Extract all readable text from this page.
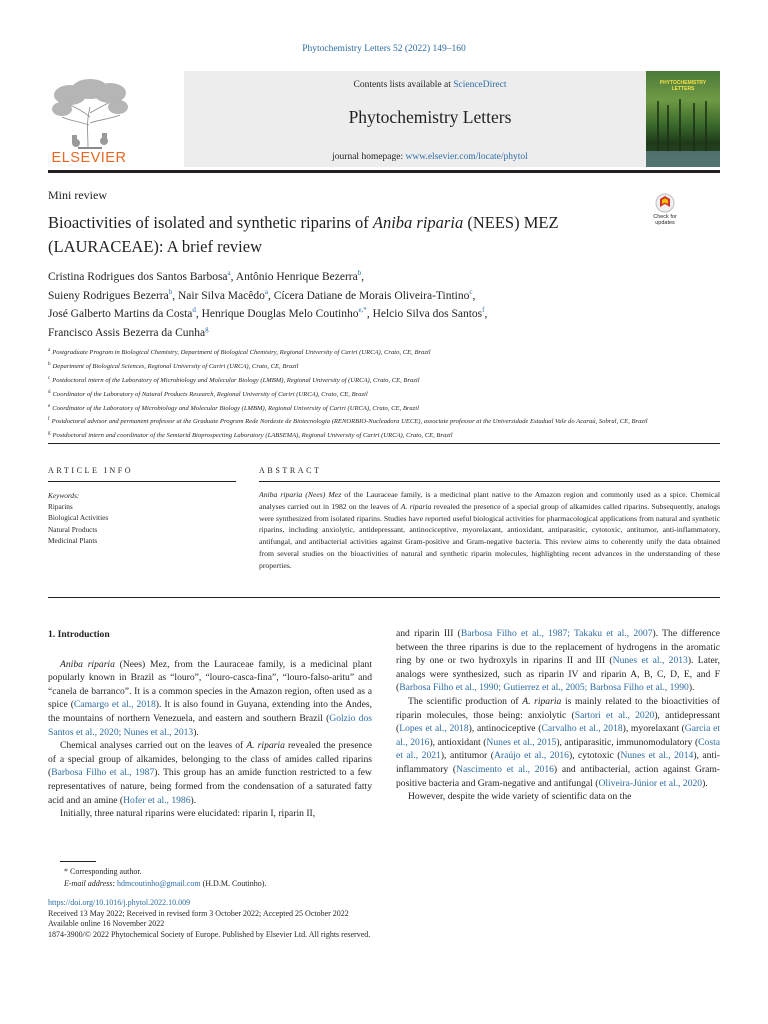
Phytochemistry Letters 52 (2022) 149–160
ELSEVIER
Contents lists available at ScienceDirect
Phytochemistry Letters
journal homepage: www.elsevier.com/locate/phytol
PHYTOCHEMISTRY LETTERS
Mini review
Check for updates
Bioactivities of isolated and synthetic riparins of Aniba riparia (NEES) MEZ (LAURACEAE): A brief review
Cristina Rodrigues dos Santos Barbosa$^a$, Antônio Henrique Bezerra$^b$,
Suieny Rodrigues Bezerra$^b$, Nair Silva Macêdo$^a$, Cícera Datiane de Morais Oliveira-Tintino$^c$,
José Galberto Martins da Costa$^d$, Henrique Douglas Melo Coutinho$^{e,*}$, Helcio Silva dos Santos$^f$,
Francisco Assis Bezerra da Cunha$^g$
$^a$ Postgraduate Program in Biological Chemistry, Department of Biological Chemistry, Regional University of Cariri (URCA), Crato, CE, Brazil
$^b$ Department of Biological Sciences, Regional University of Cariri (URCA), Crato, CE, Brazil
$^c$ Postdoctoral intern of the Laboratory of Microbiology and Molecular Biology (LMBM), Regional University of (URCA), Crato, CE, Brazil
$^d$ Coordinator of the Laboratory of Natural Products Research, Regional University of Cariri (URCA), Crato, CE, Brazil
$^e$ Coordinator of the Laboratory of Microbiology and Molecular Biology (LMBM), Regional University of Cariri (URCA), Crato, CE, Brazil
$^f$ Postdoctoral advisor and permanent professor at the Graduate Program Rede Nordeste de Biotecnologia (RENORBIO-Nucleadora UECE), associate professor at the Universidade Estadual Vale do Acaraú, Sobral, CE, Brazil
$^g$ Postdoctoral intern and coordinator of the Semiarid Bioprospecting Laboratory (LABSEMA), Regional University of Cariri (URCA), Crato, CE, Brazil
ARTICLE INFO	ABSTRACT
Keywords:
Riparins
Biological Activities
Natural Products
Medicinal Plants
Aniba riparia (Nees) Mez of the Lauraceae family, is a medicinal plant native to the Amazon region and commonly used as a spice. Chemical analyses carried out in 1982 on the leaves of A. riparia revealed the presence of a special group of alkamides called riparins. Subsequently, analogs were synthesized from isolated riparins. Studies have reported useful biological activities for pharmacological applications from natural and synthetic riparins, including anxiolytic, antidepressant, antinociceptive, myorelaxant, antioxidant, antiparasitic, cytotoxic, antitumor, anti-inflammatory, antifungal, and antibacterial activities against Gram-positive and Gram-negative bacteria. This review aims to coherently unify the data obtained from several studies on the bioactivities of natural and synthetic riparin molecules, highlighting recent advances in the understanding of these properties.
1. Introduction

Aniba riparia (Nees) Mez, from the Lauraceae family, is a medicinal plant popularly known in Brazil as “louro”, “louro-casca-fina”, “louro-falso-aritu” and “canela de barranco”. It is a common species in the Amazon region, often used as a spice (Camargo et al., 2018). It is also found in Guyana, extending into the Andes, the mountains of northern Venezuela, and eastern and southern Brazil (Golzio dos Santos et al., 2020; Nunes et al., 2013).

Chemical analyses carried out on the leaves of A. riparia revealed the presence of a special group of alkamides, belonging to the class of amides called riparins (Barbosa Filho et al., 1987). This group has an amide function restricted to a few representatives of nature, being formed from the condensation of a saturated fatty acid and an amine (Hofer et al., 1986).

Initially, three natural riparins were elucidated: riparin I, riparin II,

and riparin III (Barbosa Filho et al., 1987; Takaku et al., 2007). The difference between the three riparins is due to the replacement of hydrogens in the aromatic ring by one or two hydroxyls in riparins II and III (Nunes et al., 2013). Later, analogs were synthesized, such as riparin IV and riparin A, B, C, D, E, and F (Barbosa Filho et al., 1990; Gutierrez et al., 2005; Barbosa Filho et al., 1990).

The scientific production of A. riparia is mainly related to the bioactivities of riparin molecules, those being: anxiolytic (Sartori et al., 2020), antidepressant (Lopes et al., 2018), antinociceptive (Carvalho et al., 2018), myorelaxant (Garcia et al., 2016), antioxidant (Nunes et al., 2015), antiparasitic, immunomodulatory (Costa et al., 2021), antitumor (Araújo et al., 2016), cytotoxic (Nunes et al., 2014), anti-inflammatory (Nascimento et al., 2016) and antibacterial, action against Gram-positive bacteria and Gram-negative and antifungal (Oliveira-Júnior et al., 2020).

However, despite the wide variety of scientific data on the

* Corresponding author.
E-mail address: hdmcoutinho@gmail.com (H.D.M. Coutinho).
https://doi.org/10.1016/j.phytol.2022.10.009
Received 13 May 2022; Received in revised form 3 October 2022; Accepted 25 October 2022
Available online 16 November 2022
1874-3900/© 2022 Phytochemical Society of Europe. Published by Elsevier Ltd. All rights reserved.
